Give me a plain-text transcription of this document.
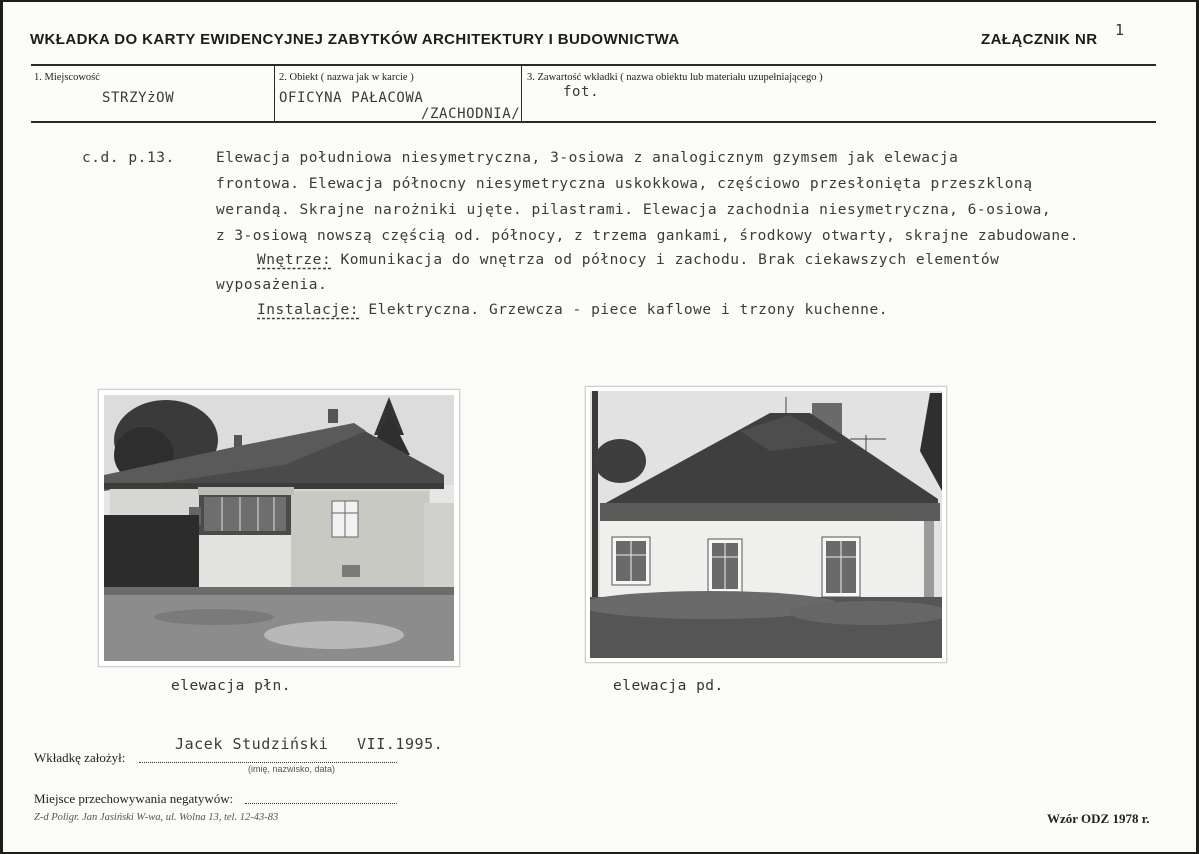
WKŁADKA DO KARTY EWIDENCYJNEJ ZABYTKÓW ARCHITEKTURY I BUDOWNICTWA	ZAŁĄCZNIK NR
1
1. Miejscowość
STRZYżOW
2. Obiekt ( nazwa jak w karcie )
OFICYNA PAŁACOWA
/ZACHODNIA/
3. Zawartość wkładki ( nazwa obiektu lub materiału uzupełniającego )
fot.
c.d. p.13.	Elewacja południowa niesymetryczna, 3-osiowa z analogicznym gzymsem jak elewacja
frontowa. Elewacja północny niesymetryczna uskokkowa, częściowo przesłonięta przeszkloną
werandą. Skrajne narożniki ujęte. pilastrami. Elewacja zachodnia niesymetryczna, 6-osiowa,
z 3-osiową nowszą częścią od. północy, z trzema gankami, środkowy otwarty, skrajne zabudowane.
Wnętrze: Komunikacja do wnętrza od północy i zachodu. Brak ciekawszych elementów
wyposażenia.
Instalacje: Elektryczna. Grzewcza - piece kaflowe i trzony kuchenne.
elewacja płn.	elewacja pd.
Jacek Studziński   VII.1995.
Wkładkę założył:
(imię, nazwisko, data)
Miejsce przechowywania negatywów:
Z-d Poligr. Jan Jasiński W-wa, ul. Wolna 13, tel. 12-43-83	Wzór ODZ 1978 r.
